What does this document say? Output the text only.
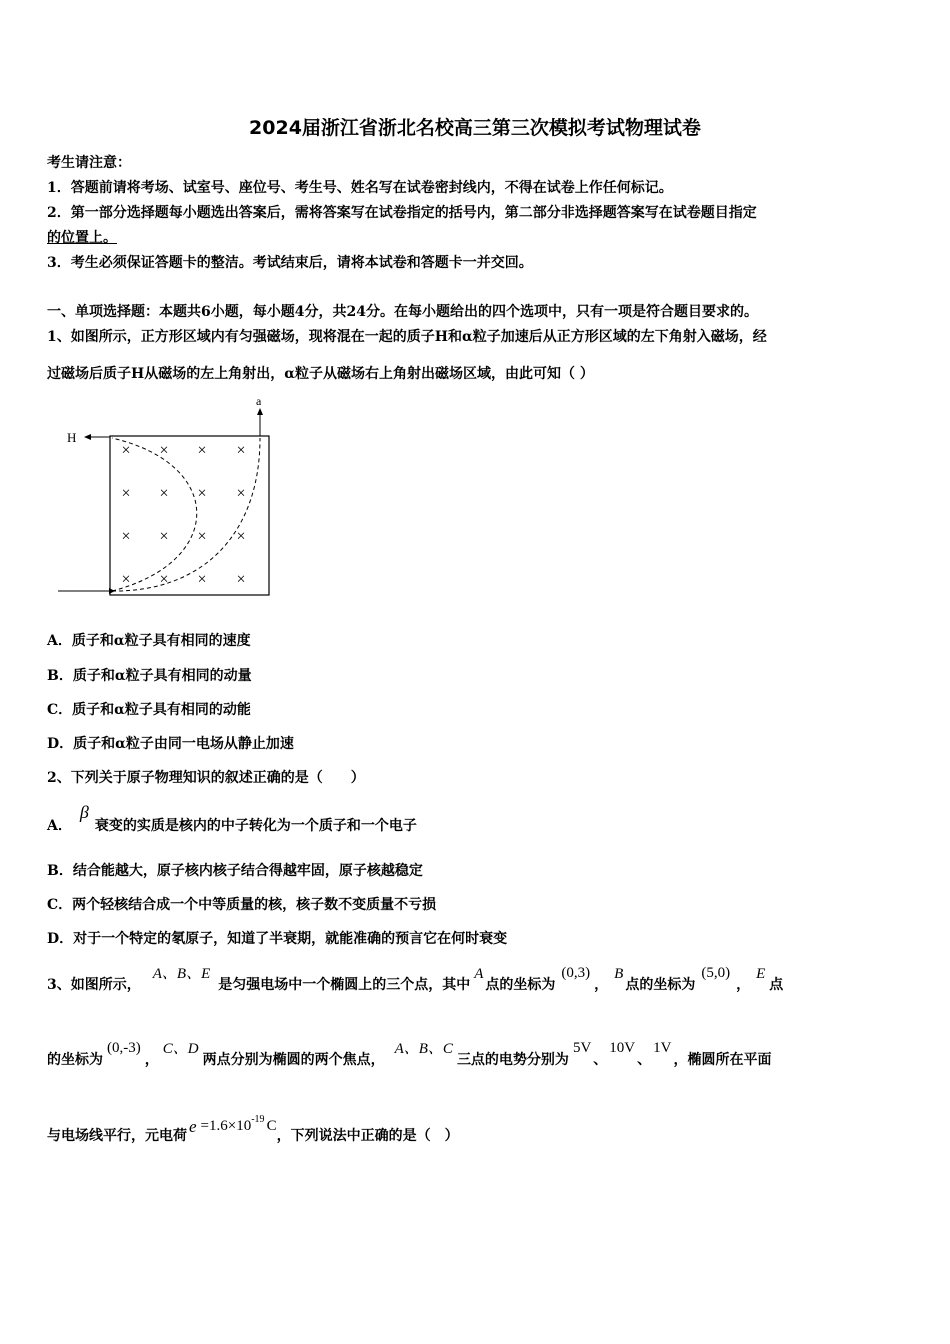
2024届浙江省浙北名校高三第三次模拟考试物理试卷
考生请注意：
1．答题前请将考场、试室号、座位号、考生号、姓名写在试卷密封线内，不得在试卷上作任何标记。
2．第一部分选择题每小题选出答案后，需将答案写在试卷指定的括号内，第二部分非选择题答案写在试卷题目指定
的位置上。
3．考生必须保证答题卡的整洁。考试结束后，请将本试卷和答题卡一并交回。
一、单项选择题：本题共6小题，每小题4分，共24分。在每小题给出的四个选项中，只有一项是符合题目要求的。
1、如图所示，正方形区域内有匀强磁场，现将混在一起的质子H和α粒子加速后从正方形区域的左下角射入磁场，经
过磁场后质子H从磁场的左上角射出，α粒子从磁场右上角射出磁场区域，由此可知（ ）
H
a
× × × ×
× × × ×
× × × ×
× × × ×
A．质子和α粒子具有相同的速度
B．质子和α粒子具有相同的动量
C．质子和α粒子具有相同的动能
D．质子和α粒子由同一电场从静止加速
2、下列关于原子物理知识的叙述正确的是（　　）
A．β衰变的实质是核内的中子转化为一个质子和一个电子
B．结合能越大，原子核内核子结合得越牢固，原子核越稳定
C．两个轻核结合成一个中等质量的核，核子数不变质量不亏损
D．对于一个特定的氡原子，知道了半衰期，就能准确的预言它在何时衰变
3、如图所示，A、B、E是匀强电场中一个椭圆上的三个点，其中A点的坐标为(0,3)，B点的坐标为(5,0)，E点
的坐标为(0,-3)，C、D两点分别为椭圆的两个焦点，A、B、C三点的电势分别为5V、10V、1V，椭圆所在平面
与电场线平行，元电荷 $e =1.6\times 10^{-19}$ C，下列说法中正确的是（　）
